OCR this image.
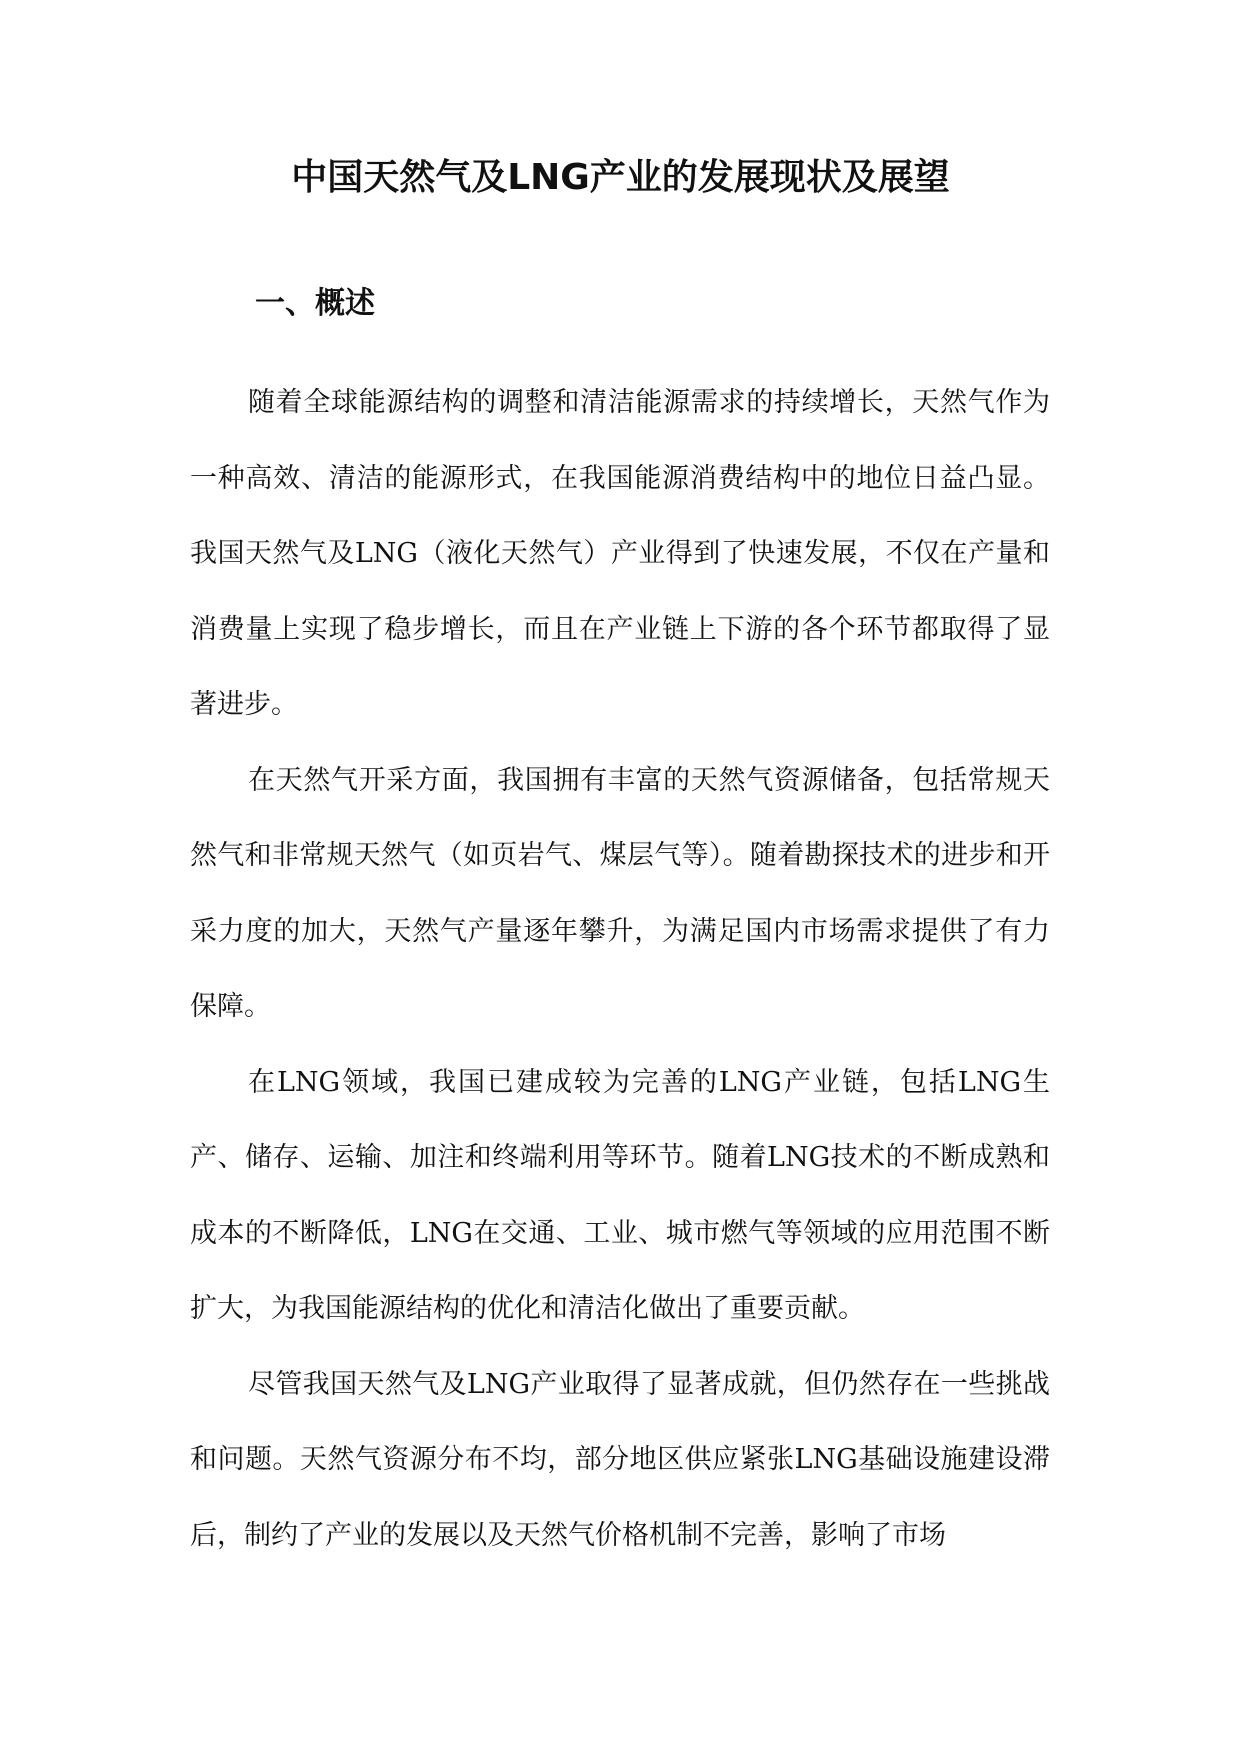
中国天然气及LNG产业的发展现状及展望
一、概述

随着全球能源结构的调整和清洁能源需求的持续增长，天然气作为一种高效、清洁的能源形式，在我国能源消费结构中的地位日益凸显。我国天然气及LNG（液化天然气）产业得到了快速发展，不仅在产量和消费量上实现了稳步增长，而且在产业链上下游的各个环节都取得了显著进步。

在天然气开采方面，我国拥有丰富的天然气资源储备，包括常规天然气和非常规天然气（如页岩气、煤层气等）。随着勘探技术的进步和开采力度的加大，天然气产量逐年攀升，为满足国内市场需求提供了有力保障。

在LNG领域，我国已建成较为完善的LNG产业链，包括LNG生产、储存、运输、加注和终端利用等环节。随着LNG技术的不断成熟和成本的不断降低，LNG在交通、工业、城市燃气等领域的应用范围不断扩大，为我国能源结构的优化和清洁化做出了重要贡献。

尽管我国天然气及LNG产业取得了显著成就，但仍然存在一些挑战和问题。天然气资源分布不均，部分地区供应紧张LNG基础设施建设滞后，制约了产业的发展以及天然气价格机制不完善，影响了市场
